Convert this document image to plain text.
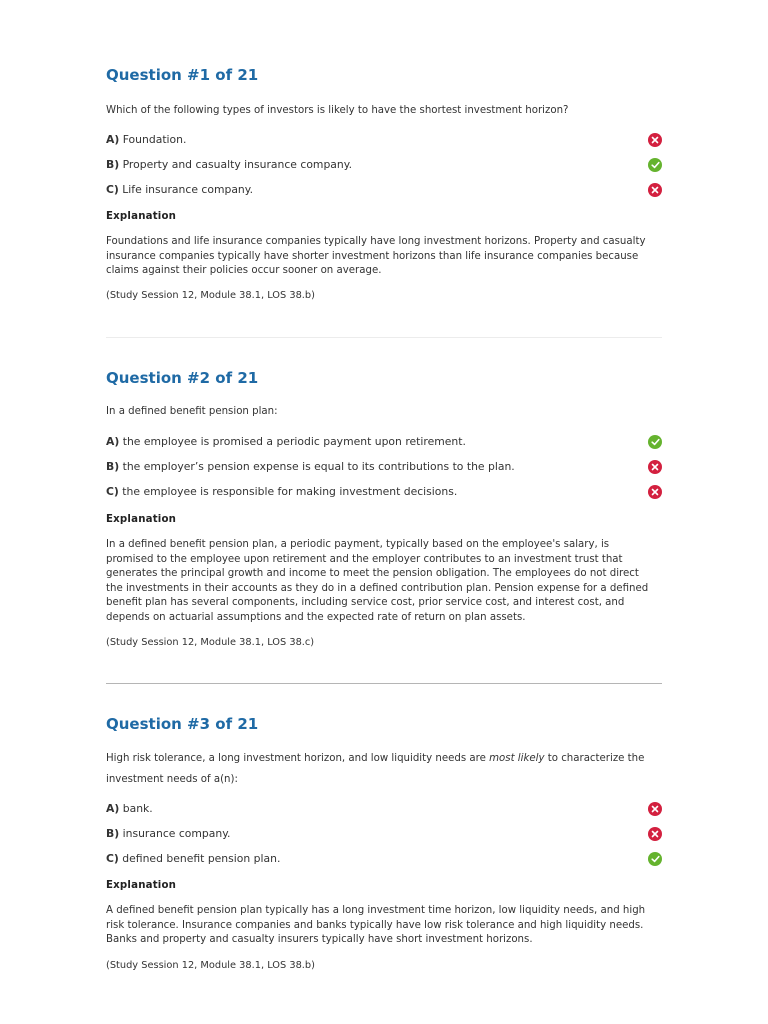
Question #1 of 21
Which of the following types of investors is likely to have the shortest investment horizon?
A) Foundation.
B) Property and casualty insurance company.
C) Life insurance company.
Explanation
Foundations and life insurance companies typically have long investment horizons. Property and casualty insurance companies typically have shorter investment horizons than life insurance companies because claims against their policies occur sooner on average.
(Study Session 12, Module 38.1, LOS 38.b)
Question #2 of 21
In a defined benefit pension plan:
A) the employee is promised a periodic payment upon retirement.
B) the employer’s pension expense is equal to its contributions to the plan.
C) the employee is responsible for making investment decisions.
Explanation
In a defined benefit pension plan, a periodic payment, typically based on the employee's salary, is promised to the employee upon retirement and the employer contributes to an investment trust that generates the principal growth and income to meet the pension obligation. The employees do not direct the investments in their accounts as they do in a defined contribution plan. Pension expense for a defined benefit plan has several components, including service cost, prior service cost, and interest cost, and depends on actuarial assumptions and the expected rate of return on plan assets.
(Study Session 12, Module 38.1, LOS 38.c)
Question #3 of 21
High risk tolerance, a long investment horizon, and low liquidity needs are most likely to characterize the investment needs of a(n):
A) bank.
B) insurance company.
C) defined benefit pension plan.
Explanation
A defined benefit pension plan typically has a long investment time horizon, low liquidity needs, and high risk tolerance. Insurance companies and banks typically have low risk tolerance and high liquidity needs. Banks and property and casualty insurers typically have short investment horizons.
(Study Session 12, Module 38.1, LOS 38.b)
